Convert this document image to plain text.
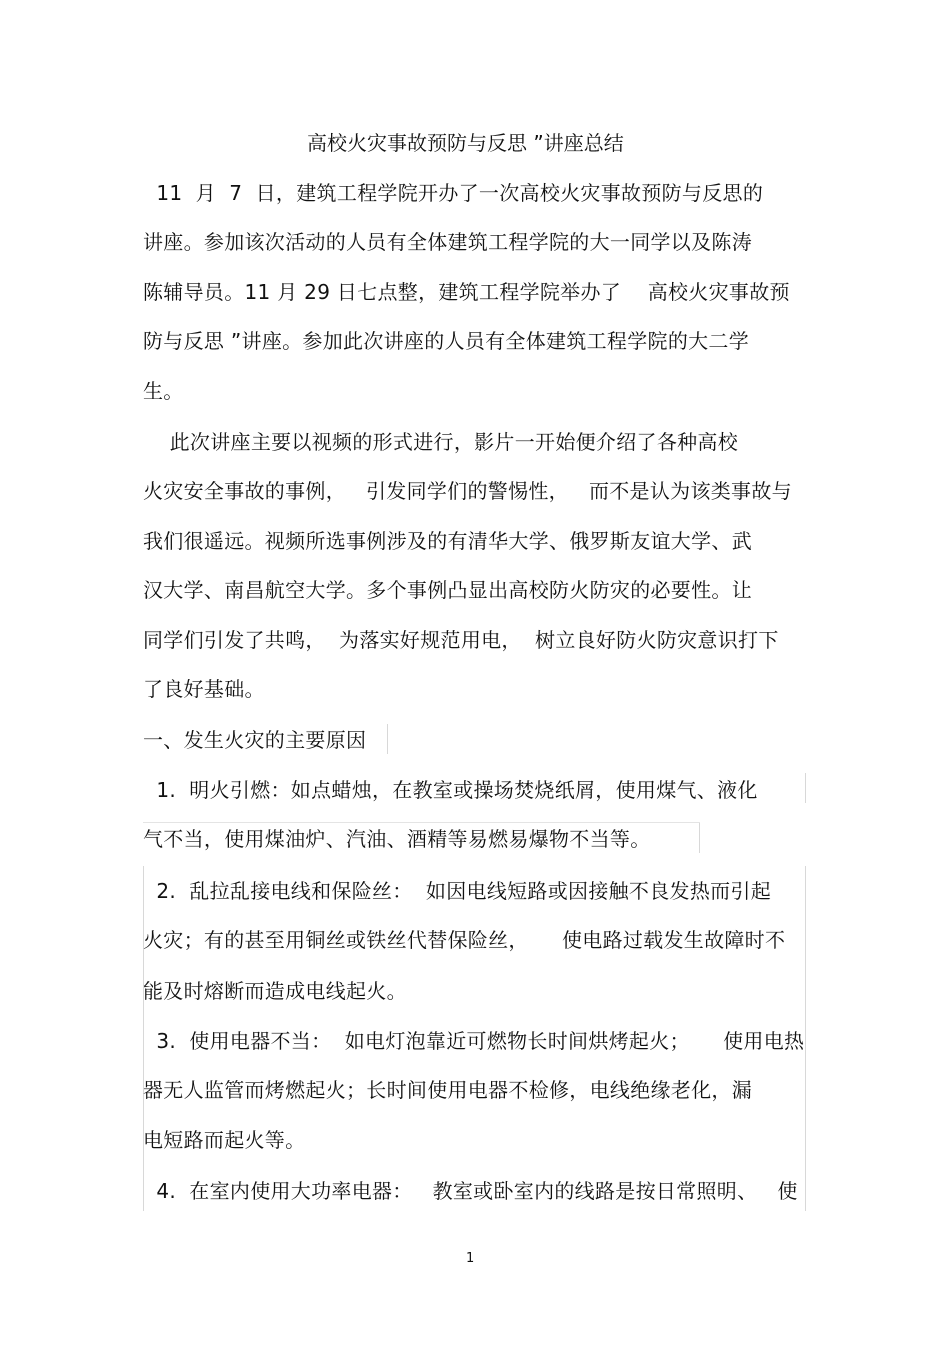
高校火灾事故预防与反思 ”讲座总结
11  月  7  日，建筑工程学院开办了一次高校火灾事故预防与反思的
讲座。参加该次活动的人员有全体建筑工程学院的大一同学以及陈涛
陈辅导员。11 月 29 日七点整，建筑工程学院举办了    高校火灾事故预
防与反思 ”讲座。参加此次讲座的人员有全体建筑工程学院的大二学
生。
此次讲座主要以视频的形式进行，影片一开始便介绍了各种高校
火灾安全事故的事例，   引发同学们的警惕性，   而不是认为该类事故与
我们很遥远。视频所选事例涉及的有清华大学、俄罗斯友谊大学、武
汉大学、南昌航空大学。多个事例凸显出高校防火防灾的必要性。让
同学们引发了共鸣，  为落实好规范用电，  树立良好防火防灾意识打下
了良好基础。
一、发生火灾的主要原因
1.  明火引燃：如点蜡烛，在教室或操场焚烧纸屑，使用煤气、液化
气不当，使用煤油炉、汽油、酒精等易燃易爆物不当等。
2.  乱拉乱接电线和保险丝：  如因电线短路或因接触不良发热而引起
火灾；有的甚至用铜丝或铁丝代替保险丝，     使电路过载发生故障时不
能及时熔断而造成电线起火。
3.  使用电器不当：  如电灯泡靠近可燃物长时间烘烤起火；     使用电热
器无人监管而烤燃起火；长时间使用电器不检修，电线绝缘老化，漏
电短路而起火等。
4.  在室内使用大功率电器：   教室或卧室内的线路是按日常照明、   使
1
